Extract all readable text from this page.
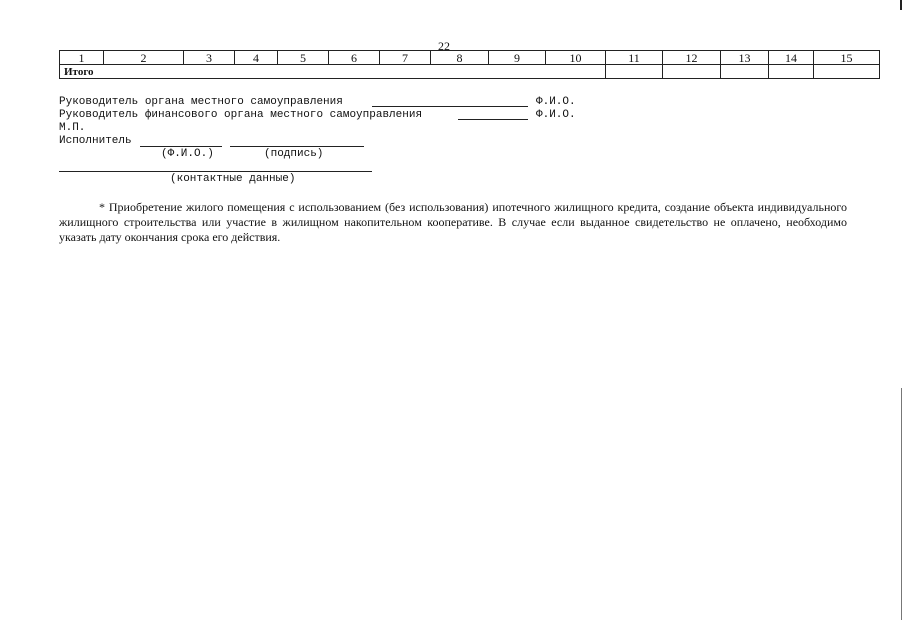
22
1	2	3	4	5	6	7	8	9	10	11	12	13	14	15
Итого														
Руководитель органа местного самоуправления	Ф.И.О.
Руководитель финансового органа местного самоуправления	Ф.И.О.
М.П.
Исполнитель
(Ф.И.О.)	(подпись)
(контактные данные)
* Приобретение жилого помещения с использованием (без использования) ипотечного жилищного кредита, создание объекта индивидуального жилищного строительства или участие в жилищном накопительном кооперативе. В случае если выданное свидетельство не оплачено, необходимо указать дату окончания срока его действия.
